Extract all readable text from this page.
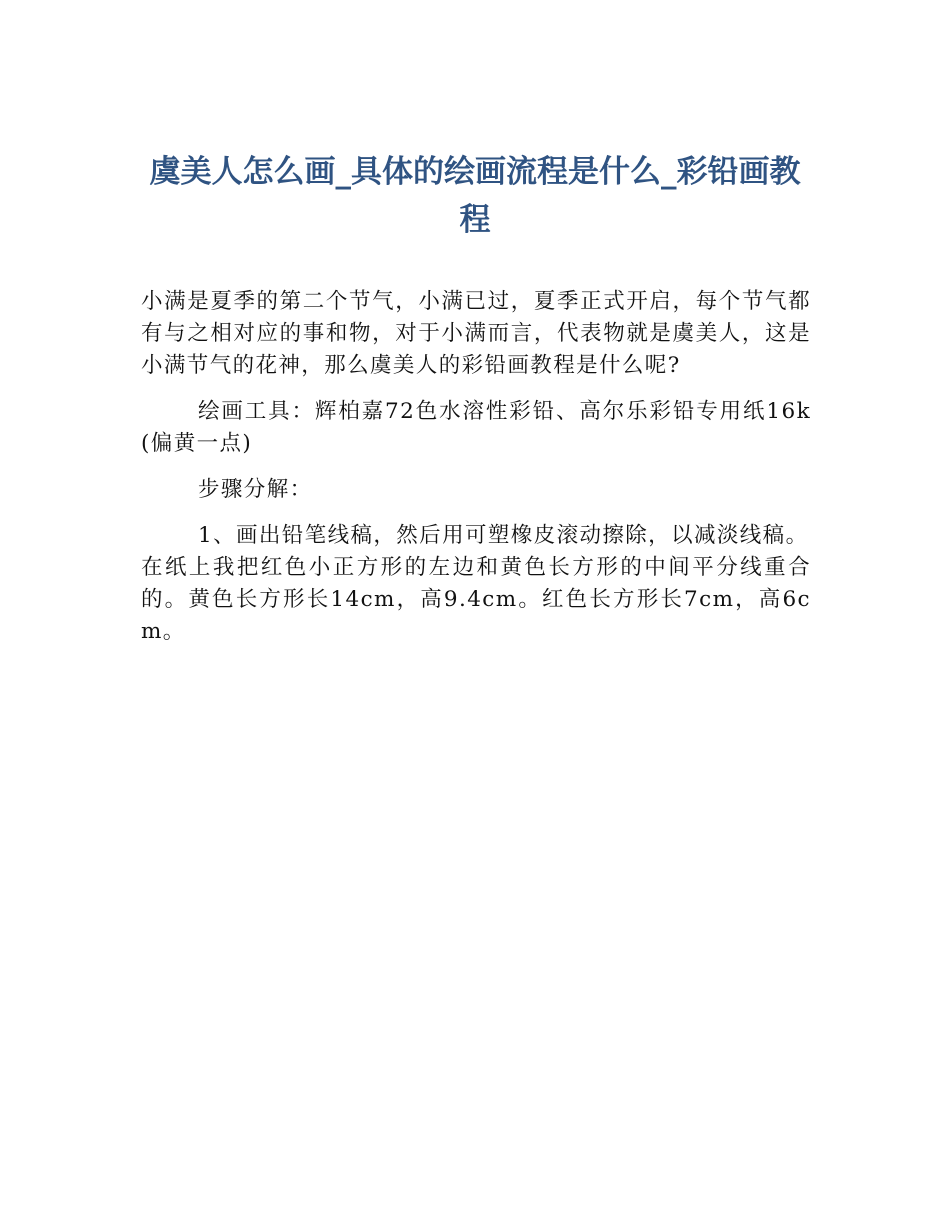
虞美人怎么画_具体的绘画流程是什么_彩铅画教程

小满是夏季的第二个节气，小满已过，夏季正式开启，每个节气都有与之相对应的事和物，对于小满而言，代表物就是虞美人，这是小满节气的花神，那么虞美人的彩铅画教程是什么呢?

绘画工具：辉柏嘉72色水溶性彩铅、高尔乐彩铅专用纸16k(偏黄一点)

步骤分解：

1、画出铅笔线稿，然后用可塑橡皮滚动擦除，以减淡线稿。

在纸上我把红色小正方形的左边和黄色长方形的中间平分线重合的。黄色长方形长14cm，高9.4cm。红色长方形长7cm，高6cm。
